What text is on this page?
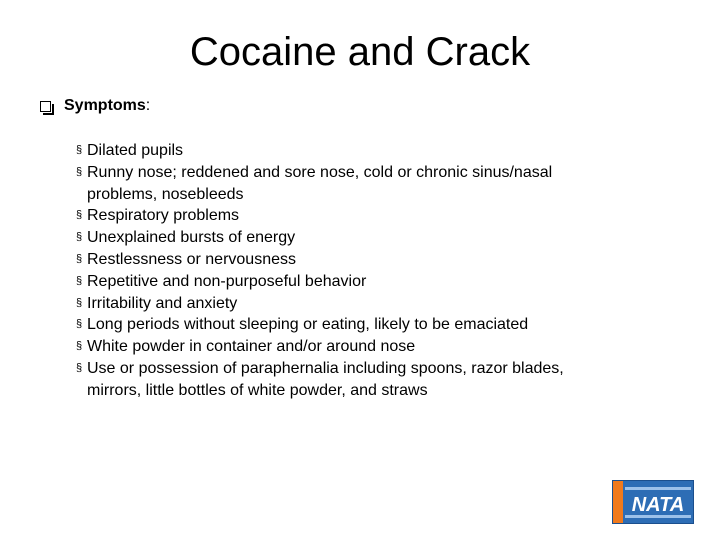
Cocaine and Crack
Symptoms :
§ Dilated pupils
§ Runny nose; reddened and sore nose, cold or chronic sinus/nasal
problems, nosebleeds
§ Respiratory problems
§ Unexplained bursts of energy
§ Restlessness or nervousness
§ Repetitive and non-purposeful behavior
§ Irritability and anxiety
§ Long periods without sleeping or eating, likely to be emaciated
§ White powder in container and/or around nose
§ Use or possession of paraphernalia including spoons, razor blades,
mirrors, little bottles of white powder, and straws
NATA
